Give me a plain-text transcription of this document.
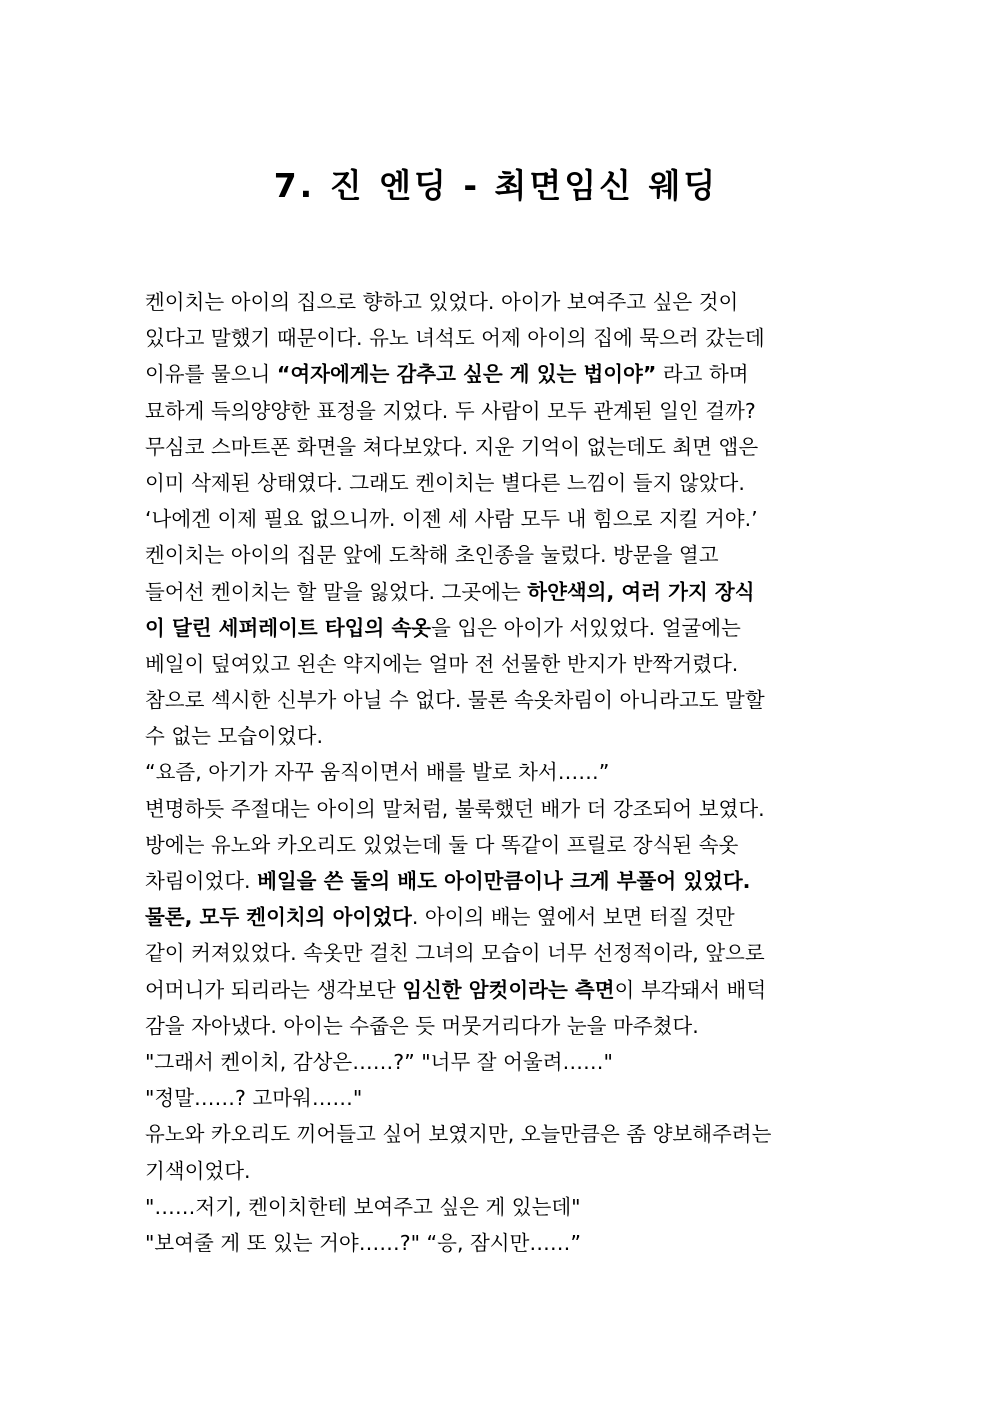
7. 진 엔딩 - 최면임신 웨딩
켄이치는 아이의 집으로 향하고 있었다. 아이가 보여주고 싶은 것이
있다고 말했기 때문이다. 유노 녀석도 어제 아이의 집에 묵으러 갔는데
이유를 물으니 “여자에게는 감추고 싶은 게 있는 법이야” 라고 하며
묘하게 득의양양한 표정을 지었다. 두 사람이 모두 관계된 일인 걸까?
무심코 스마트폰 화면을 쳐다보았다. 지운 기억이 없는데도 최면 앱은
이미 삭제된 상태였다. 그래도 켄이치는 별다른 느낌이 들지 않았다.
‘나에겐 이제 필요 없으니까. 이젠 세 사람 모두 내 힘으로 지킬 거야.’
켄이치는 아이의 집문 앞에 도착해 초인종을 눌렀다. 방문을 열고
들어선 켄이치는 할 말을 잃었다. 그곳에는 하얀색의, 여러 가지 장식
이 달린 세퍼레이트 타입의 속옷을 입은 아이가 서있었다. 얼굴에는
베일이 덮여있고 왼손 약지에는 얼마 전 선물한 반지가 반짝거렸다.
참으로 섹시한 신부가 아닐 수 없다. 물론 속옷차림이 아니라고도 말할
수 없는 모습이었다.
“요즘, 아기가 자꾸 움직이면서 배를 발로 차서……”
변명하듯 주절대는 아이의 말처럼, 불룩했던 배가 더 강조되어 보였다.
방에는 유노와 카오리도 있었는데 둘 다 똑같이 프릴로 장식된 속옷
차림이었다. 베일을 쓴 둘의 배도 아이만큼이나 크게 부풀어 있었다.
물론, 모두 켄이치의 아이었다. 아이의 배는 옆에서 보면 터질 것만
같이 커져있었다. 속옷만 걸친 그녀의 모습이 너무 선정적이라, 앞으로
어머니가 되리라는 생각보단 임신한 암컷이라는 측면이 부각돼서 배덕
감을 자아냈다. 아이는 수줍은 듯 머뭇거리다가 눈을 마주쳤다.
"그래서 켄이치, 감상은……?” "너무 잘 어울려……"
"정말……? 고마워……"
유노와 카오리도 끼어들고 싶어 보였지만, 오늘만큼은 좀 양보해주려는
기색이었다.
"……저기, 켄이치한테 보여주고 싶은 게 있는데"
"보여줄 게 또 있는 거야……?" “응, 잠시만……”
